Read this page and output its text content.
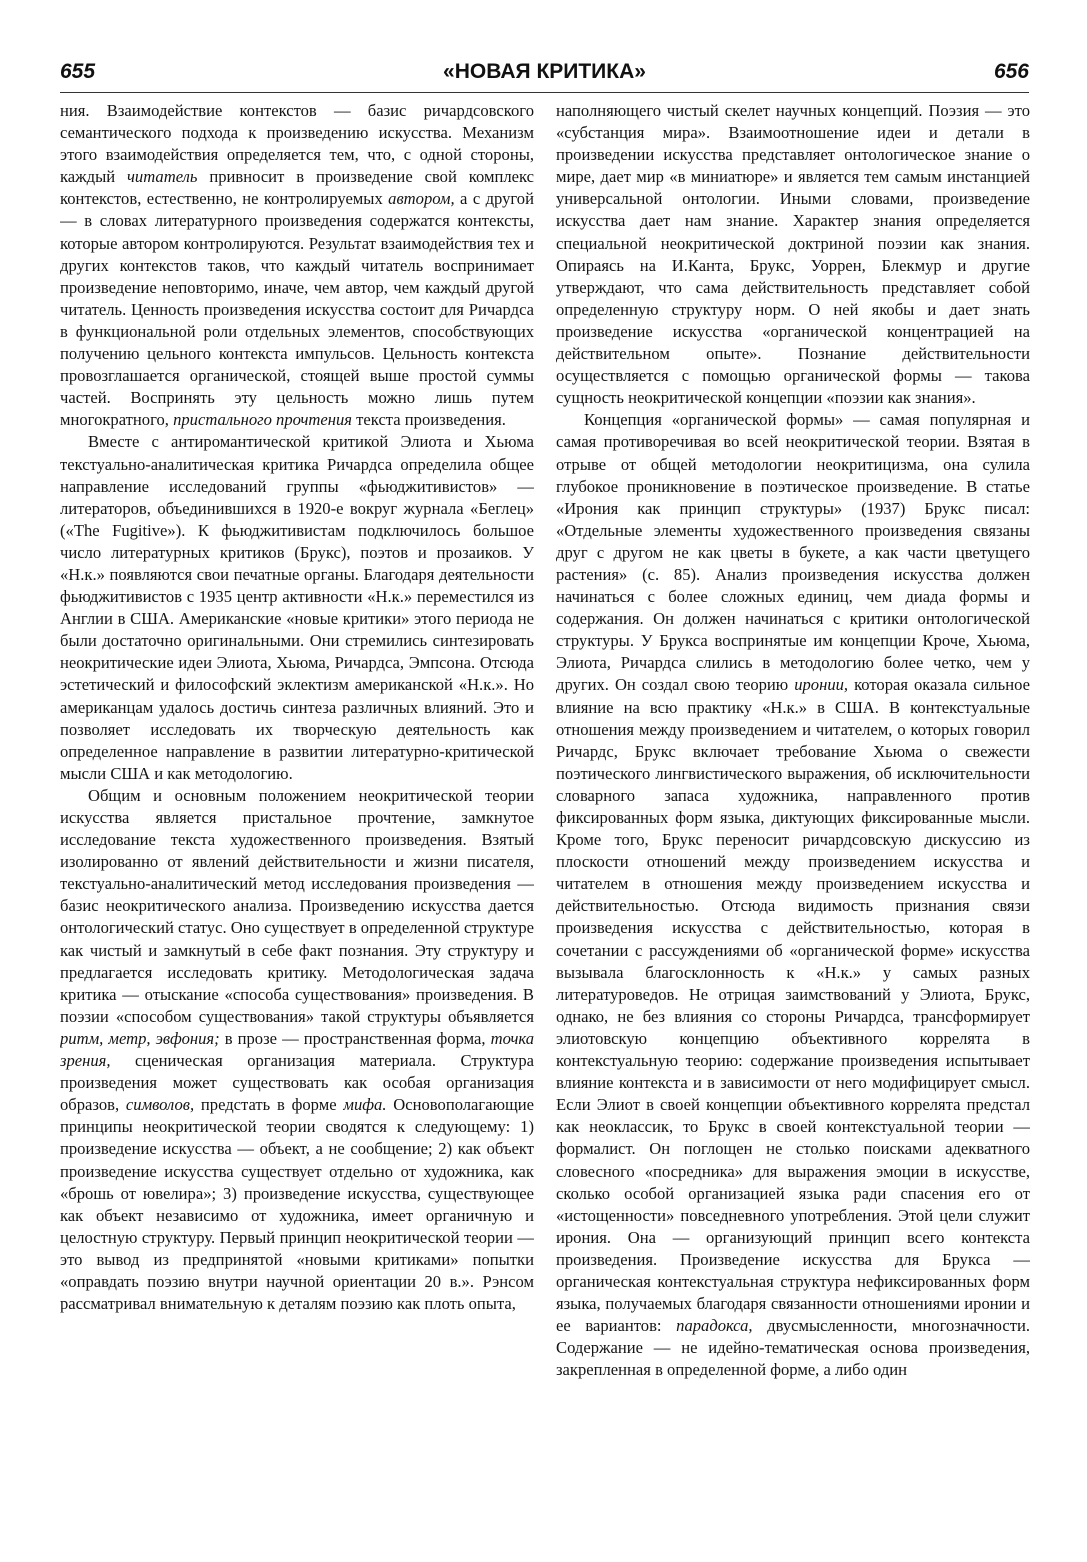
655	«НОВАЯ КРИТИКА»	656

ния. Взаимодействие контекстов — базис ричардсовского семантического подхода к произведению искусства. Механизм этого взаимодействия определяется тем, что, с одной стороны, каждый читатель привносит в произведение свой комплекс контекстов, естественно, не контролируемых автором, а с другой — в словах литературного произведения содержатся контексты, которые автором контролируются. Результат взаимодействия тех и других контекстов таков, что каждый читатель воспринимает произведение неповторимо, иначе, чем автор, чем каждый другой читатель. Ценность произведения искусства состоит для Ричардса в функциональной роли отдельных элементов, способствующих получению цельного контекста импульсов. Цельность контекста провозглашается органической, стоящей выше простой суммы частей. Воспринять эту цельность можно лишь путем многократного, пристального прочтения текста произведения.

Вместе с антиромантической критикой Элиота и Хьюма текстуально-аналитическая критика Ричардса определила общее направление исследований группы «фьюджитивистов» — литераторов, объединившихся в 1920-е вокруг журнала «Беглец» («The Fugitive»). К фьюджитивистам подключилось большое число литературных критиков (Брукс), поэтов и прозаиков. У «Н.к.» появляются свои печатные органы. Благодаря деятельности фьюджитивистов с 1935 центр активности «Н.к.» переместился из Англии в США. Американские «новые критики» этого периода не были достаточно оригинальными. Они стремились синтезировать неокритические идеи Элиота, Хьюма, Ричардса, Эмпсона. Отсюда эстетический и философский эклектизм американской «Н.к.». Но американцам удалось достичь синтеза различных влияний. Это и позволяет исследовать их творческую деятельность как определенное направление в развитии литературно-критической мысли США и как методологию.

Общим и основным положением неокритической теории искусства является пристальное прочтение, замкнутое исследование текста художественного произведения. Взятый изолированно от явлений действительности и жизни писателя, текстуально-аналитический метод исследования произведения — базис неокритического анализа. Произведению искусства дается онтологический статус. Оно существует в определенной структуре как чистый и замкнутый в себе факт познания. Эту структуру и предлагается исследовать критику. Методологическая задача критика — отыскание «способа существования» произведения. В поэзии «способом существования» такой структуры объявляется ритм, метр, эвфония; в прозе — пространственная форма, точка зрения, сценическая организация материала. Структура произведения может существовать как особая организация образов, символов, предстать в форме мифа. Основополагающие принципы неокритической теории сводятся к следующему: 1) произведение искусства — объект, а не сообщение; 2) как объект произведение искусства существует отдельно от художника, как «брошь от ювелира»; 3) произведение искусства, существующее как объект независимо от художника, имеет органичную и целостную структуру. Первый принцип неокритической теории — это вывод из предпринятой «новыми критиками» попытки «оправдать поэзию внутри научной ориентации 20 в.». Рэнсом рассматривал внимательную к деталям поэзию как плоть опыта,

наполняющего чистый скелет научных концепций. Поэзия — это «субстанция мира». Взаимоотношение идеи и детали в произведении искусства представляет онтологическое знание о мире, дает мир «в миниатюре» и является тем самым инстанцией универсальной онтологии. Иными словами, произведение искусства дает нам знание. Характер знания определяется специальной неокритической доктриной поэзии как знания. Опираясь на И.Канта, Брукс, Уоррен, Блекмур и другие утверждают, что сама действительность представляет собой определенную структуру норм. О ней якобы и дает знать произведение искусства «органической концентрацией на действительном опыте». Познание действительности осуществляется с помощью органической формы — такова сущность неокритической концепции «поэзии как знания».

Концепция «органической формы» — самая популярная и самая противоречивая во всей неокритической теории. Взятая в отрыве от общей методологии неокритицизма, она сулила глубокое проникновение в поэтическое произведение. В статье «Ирония как принцип структуры» (1937) Брукс писал: «Отдельные элементы художественного произведения связаны друг с другом не как цветы в букете, а как части цветущего растения» (с. 85). Анализ произведения искусства должен начинаться с более сложных единиц, чем диада формы и содержания. Он должен начинаться с критики онтологической структуры. У Брукса воспринятые им концепции Кроче, Хьюма, Элиота, Ричардса слились в методологию более четко, чем у других. Он создал свою теорию иронии, которая оказала сильное влияние на всю практику «Н.к.» в США. В контекстуальные отношения между произведением и читателем, о которых говорил Ричардс, Брукс включает требование Хьюма о свежести поэтического лингвистического выражения, об исключительности словарного запаса художника, направленного против фиксированных форм языка, диктующих фиксированные мысли. Кроме того, Брукс переносит ричардсовскую дискуссию из плоскости отношений между произведением искусства и читателем в отношения между произведением искусства и действительностью. Отсюда видимость признания связи произведения искусства с действительностью, которая в сочетании с рассуждениями об «органической форме» искусства вызывала благосклонность к «Н.к.» у самых разных литературоведов. Не отрицая заимствований у Элиота, Брукс, однако, не без влияния со стороны Ричардса, трансформирует элиотовскую концепцию объективного коррелята в контекстуальную теорию: содержание произведения испытывает влияние контекста и в зависимости от него модифицирует смысл. Если Элиот в своей концепции объективного коррелята предстал как неоклассик, то Брукс в своей контекстуальной теории — формалист. Он поглощен не столько поисками адекватного словесного «посредника» для выражения эмоции в искусстве, сколько особой организацией языка ради спасения его от «истощенности» повседневного употребления. Этой цели служит ирония. Она — организующий принцип всего контекста произведения. Произведение искусства для Брукса — органическая контекстуальная структура нефиксированных форм языка, получаемых благодаря связанности отношениями иронии и ее вариантов: парадокса, двусмысленности, многозначности. Содержание — не идейно-тематическая основа произведения, закрепленная в определенной форме, а либо один
